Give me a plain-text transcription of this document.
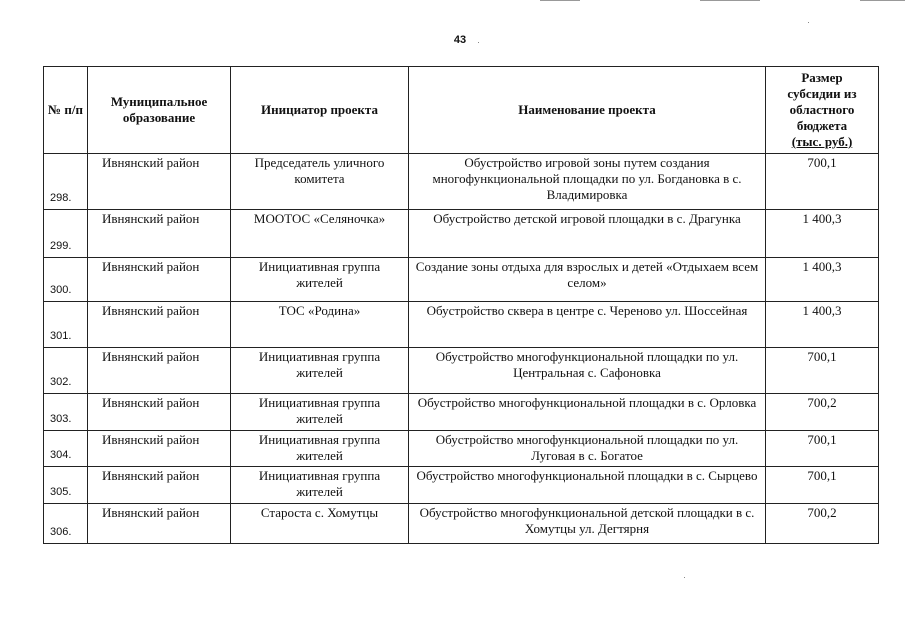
43
№ п/п	Муниципальное образование	Инициатор проекта	Наименование проекта	Размер
субсидии из
областного
бюджета
(тыс. руб.)

298.	Ивнянский район	Председатель уличного комитета	Обустройство игровой зоны путем создания многофункциональной площадки по ул. Богдановка в с. Владимировка	700,1
299.	Ивнянский район	МООТОС «Селяночка»	Обустройство детской игровой площадки в с. Драгунка	1 400,3
300.	Ивнянский район	Инициативная группа жителей	Создание зоны отдыха для взрослых и детей «Отдыхаем всем селом»	1 400,3
301.	Ивнянский район	ТОС «Родина»	Обустройство сквера в центре с. Череново ул. Шоссейная	1 400,3
302.	Ивнянский район	Инициативная группа жителей	Обустройство многофункциональной площадки по ул. Центральная с. Сафоновка	700,1
303.	Ивнянский район	Инициативная группа жителей	Обустройство многофункциональной площадки в с. Орловка	700,2
304.	Ивнянский район	Инициативная группа жителей	Обустройство многофункциональной площадки по ул. Луговая в с. Богатое	700,1
305.	Ивнянский район	Инициативная группа жителей	Обустройство многофункциональной площадки в с. Сырцево	700,1
306.	Ивнянский район	Староста с. Хомутцы	Обустройство многофункциональной детской площадки в с. Хомутцы ул. Дегтярня	700,2
